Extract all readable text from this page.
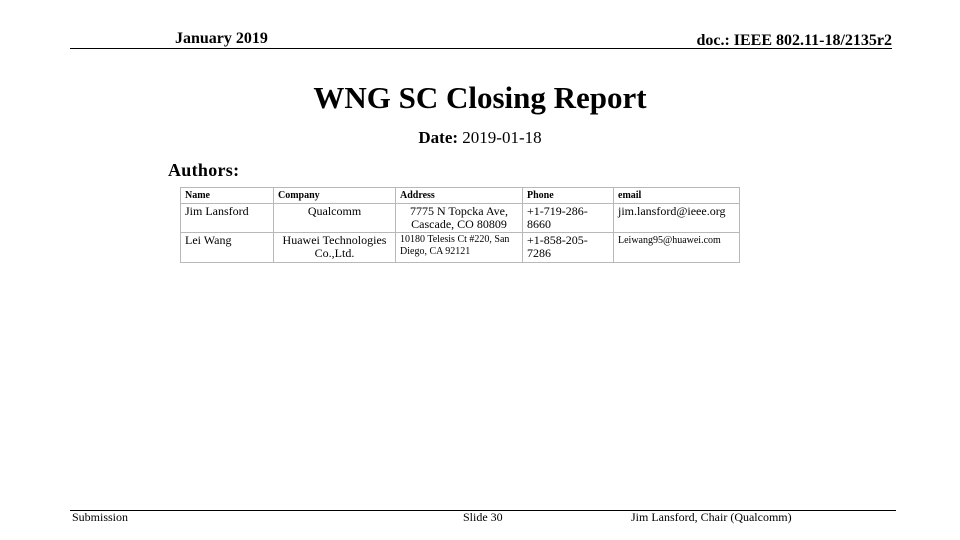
January 2019	doc.: IEEE 802.11-18/2135r2
WNG SC Closing Report
Date: 2019-01-18
Authors:
Name	Company	Address	Phone	email
Jim Lansford	Qualcomm	7775 N Topcka Ave, Cascade, CO 80809	+1-719-286-8660	jim.lansford@ieee.org
Lei Wang	Huawei Technologies Co.,Ltd.	10180 Telesis Ct #220, San Diego, CA 92121	+1-858-205-7286	Leiwang95@huawei.com
Submission	Slide 30	Jim Lansford, Chair (Qualcomm)
